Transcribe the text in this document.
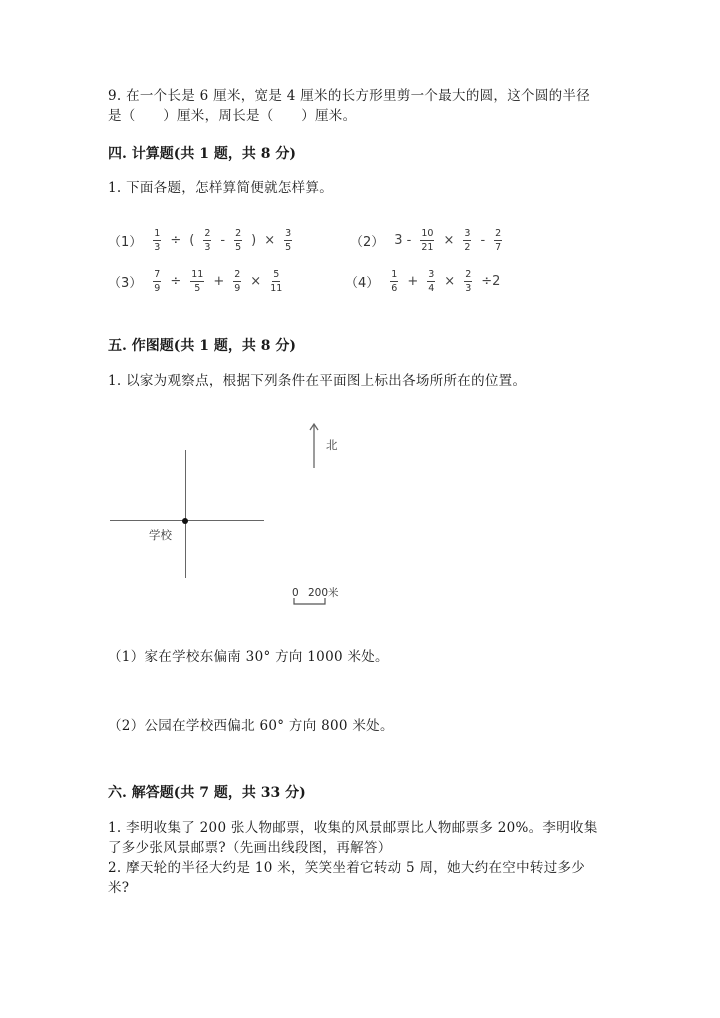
9. 在一个长是 6 厘米，宽是 4 厘米的长方形里剪一个最大的圆，这个圆的半径
是（　　）厘米，周长是（　　）厘米。
四. 计算题(共 1 题，共 8 分)
1. 下面各题，怎样算简便就怎样算。
$(1) \frac{1}{3}$ ÷ ( $\frac{2}{3} - \frac{2}{5}$ ) × $\frac{3}{5}$	（2） $3 - \frac{10}{21} \times \frac{3}{2} - \frac{2}{7}$
$(3) \frac{7}{9} \div \frac{11}{5} + \frac{2}{9} \times \frac{5}{11}$	$(4) \frac{1}{6} + \frac{3}{4} \times \frac{2}{3} \div 2$
五. 作图题(共 1 题，共 8 分)
1. 以家为观察点，根据下列条件在平面图上标出各场所所在的位置。
学校
北
0 200米
（1）家在学校东偏南 30° 方向 1000 米处。
（2）公园在学校西偏北 60° 方向 800 米处。
六. 解答题(共 7 题，共 33 分)
1. 李明收集了 200 张人物邮票，收集的风景邮票比人物邮票多 20%。李明收集
了多少张风景邮票?（先画出线段图，再解答）
2. 摩天轮的半径大约是 10 米，笑笑坐着它转动 5 周，她大约在空中转过多少
米?
